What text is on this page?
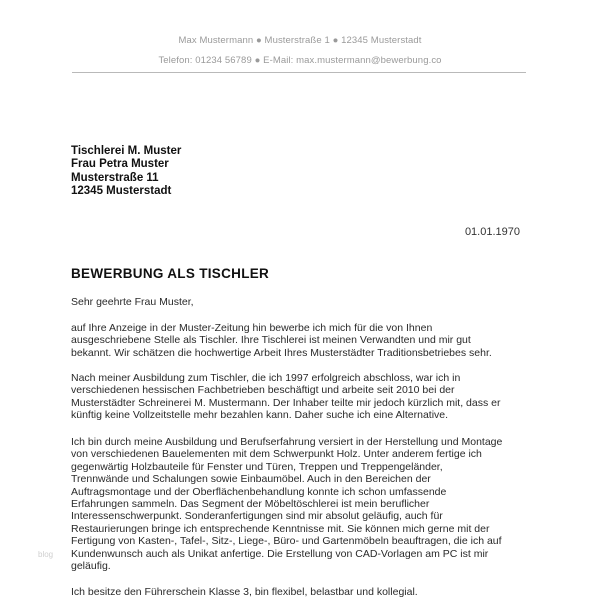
Max Mustermann ● Musterstraße 1 ● 12345 Musterstadt
Telefon: 01234 56789 ● E-Mail: max.mustermann@bewerbung.co
Tischlerei M. Muster
Frau Petra Muster
Musterstraße 11
12345 Musterstadt
01.01.1970
BEWERBUNG ALS TISCHLER
Sehr geehrte Frau Muster,
auf Ihre Anzeige in der Muster-Zeitung hin bewerbe ich mich für die von Ihnen
ausgeschriebene Stelle als Tischler. Ihre Tischlerei ist meinen Verwandten und mir gut
bekannt. Wir schätzen die hochwertige Arbeit Ihres Musterstädter Traditionsbetriebes sehr.
Nach meiner Ausbildung zum Tischler, die ich 1997 erfolgreich abschloss, war ich in
verschiedenen hessischen Fachbetrieben beschäftigt und arbeite seit 2010 bei der
Musterstädter Schreinerei M. Mustermann. Der Inhaber teilte mir jedoch kürzlich mit, dass er
künftig keine Vollzeitstelle mehr bezahlen kann. Daher suche ich eine Alternative.
Ich bin durch meine Ausbildung und Berufserfahrung versiert in der Herstellung und Montage
von verschiedenen Bauelementen mit dem Schwerpunkt Holz. Unter anderem fertige ich
gegenwärtig Holzbauteile für Fenster und Türen, Treppen und Treppengeländer,
Trennwände und Schalungen sowie Einbaumöbel. Auch in den Bereichen der
Auftragsmontage und der Oberflächenbehandlung konnte ich schon umfassende
Erfahrungen sammeln. Das Segment der Möbeltöschlerei ist mein beruflicher
Interessenschwerpunkt. Sonderanfertigungen sind mir absolut geläufig, auch für
Restaurierungen bringe ich entsprechende Kenntnisse mit. Sie können mich gerne mit der
Fertigung von Kasten-, Tafel-, Sitz-, Liege-, Büro- und Gartenmöbeln beauftragen, die ich auf
Kundenwunsch auch als Unikat anfertige. Die Erstellung von CAD-Vorlagen am PC ist mir
geläufig.
Ich besitze den Führerschein Klasse 3, bin flexibel, belastbar und kollegial.
blog
